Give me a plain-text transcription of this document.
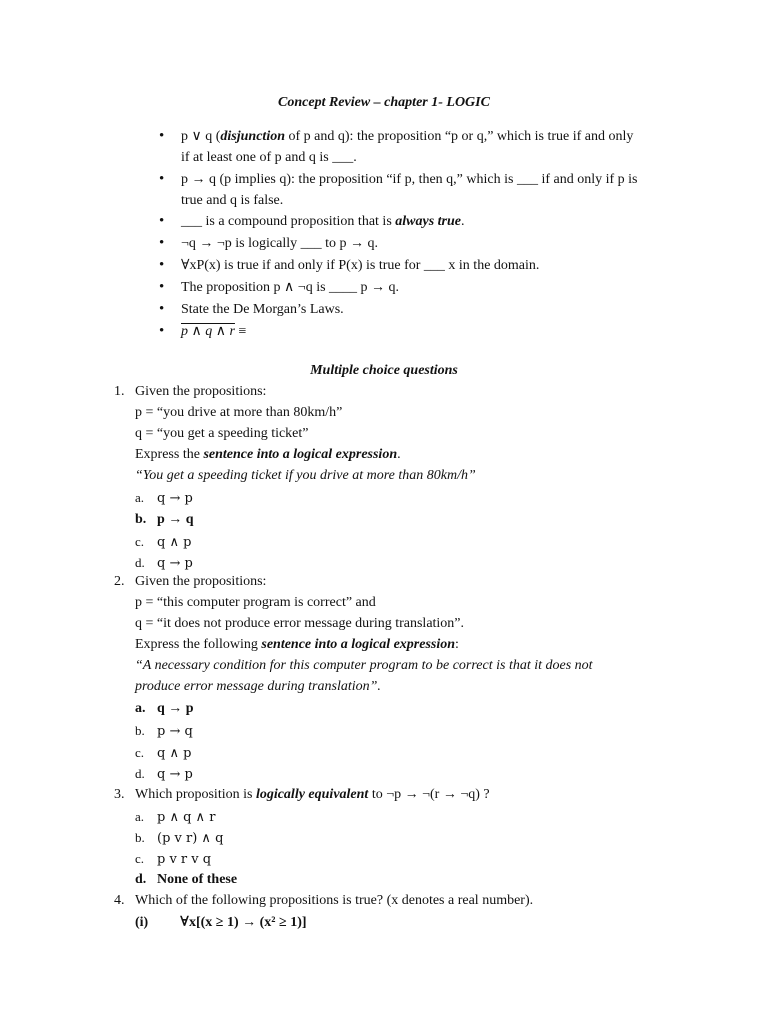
Concept Review – chapter 1- LOGIC
• p ∨ q (disjunction of p and q): the proposition “p or q,” which is true if and only
if at least one of p and q is ___.
• p → q (p implies q): the proposition “if p, then q,” which is ___ if and only if p is
true and q is false.
• ___ is a compound proposition that is always true.
• ¬q → ¬p is logically ___ to p → q.
• ∀xP(x) is true if and only if P(x) is true for ___ x in the domain.
• The proposition p ∧ ¬q is ____ p → q.
• State the De Morgan’s Laws.
• p ∧ q ∧ r ≡
Multiple choice questions
1. Given the propositions:
p = “you drive at more than 80km/h”
q = “you get a speeding ticket”
Express the sentence into a logical expression.
“You get a speeding ticket if you drive at more than 80km/h”
a. q → p
b. p → q
c. q ∧ p
d. q → p
2. Given the propositions:
p = “this computer program is correct” and
q = “it does not produce error message during translation”.
Express the following sentence into a logical expression:
“A necessary condition for this computer program to be correct is that it does not
produce error message during translation”.
a. q → p
b. p → q
c. q ∧ p
d. q → p
3. Which proposition is logically equivalent to ¬p → ¬(r → ¬q) ?
a. p ∧ q ∧ r
b. (p v r) ∧ q
c. p v r v q
d. None of these
4. Which of the following propositions is true? (x denotes a real number).
(i) ∀x[(x ≥ 1) → (x² ≥ 1)]
